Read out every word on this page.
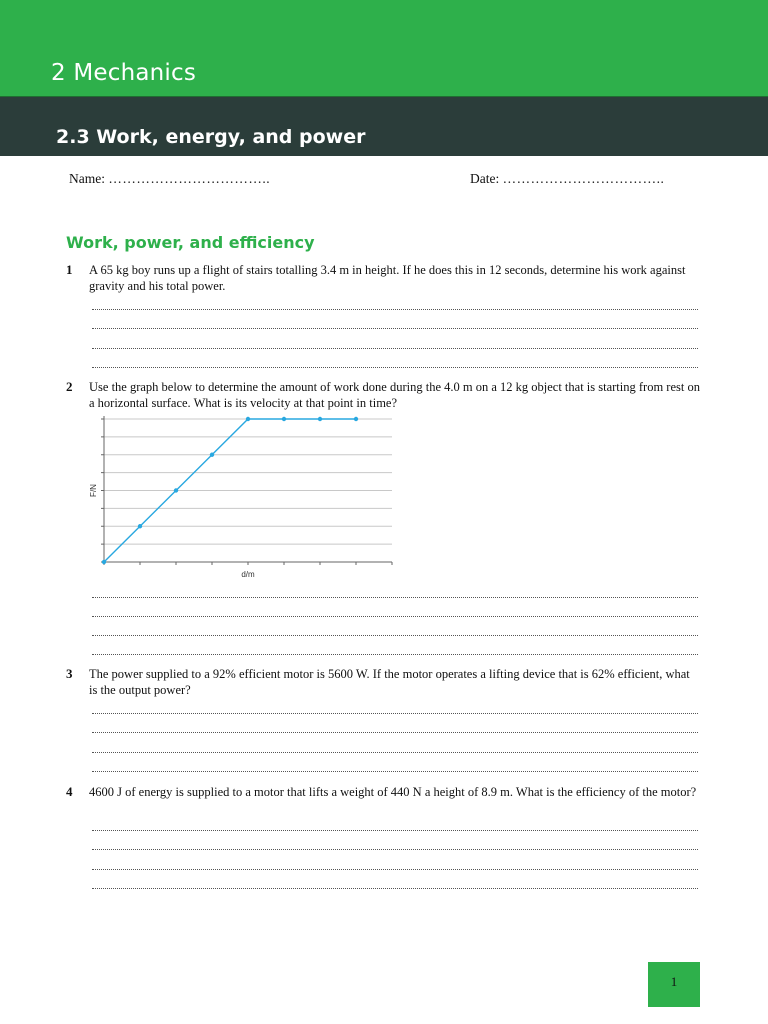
2 Mechanics
2.3 Work, energy, and power
Name: ……………………………..	Date: ……………………………..
Work, power, and efficiency
1 A 65 kg boy runs up a flight of stairs totalling 3.4 m in height. If he does this in 12 seconds, determine his work against gravity and his total power.
2 Use the graph below to determine the amount of work done during the 4.0 m on a 12 kg object that is starting from rest on a horizontal surface. What is its velocity at that point in time?
d/m
F/N
3 The power supplied to a 92% efficient motor is 5600 W. If the motor operates a lifting device that is 62% efficient, what is the output power?
4 4600 J of energy is supplied to a motor that lifts a weight of 440 N a height of 8.9 m. What is the efficiency of the motor?
1
